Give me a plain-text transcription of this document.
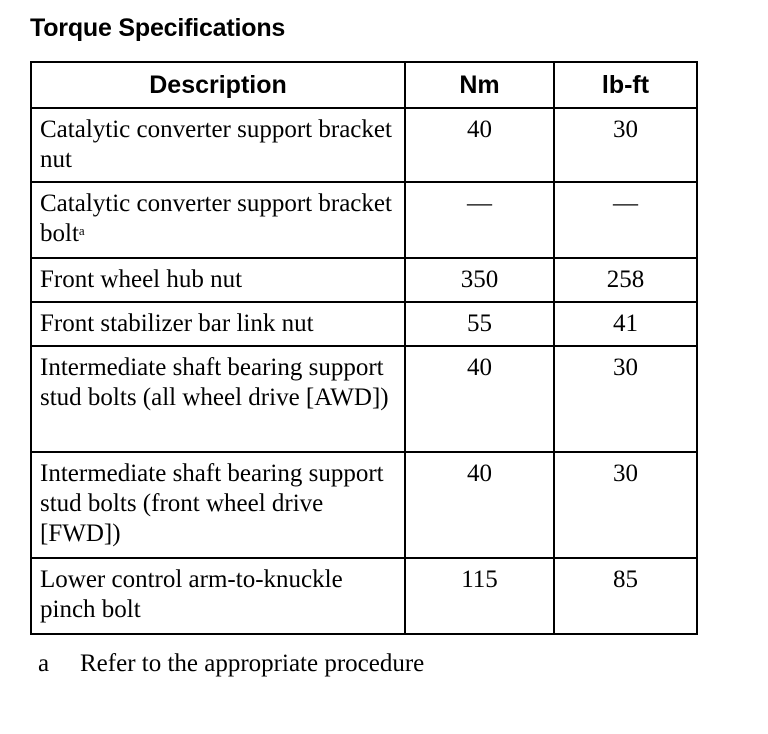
Torque Specifications
Description	Nm	lb-ft
Catalytic converter support bracket nut	40	30
Catalytic converter support bracket bolt$^a$	—	—
Front wheel hub nut	350	258
Front stabilizer bar link nut	55	41
Intermediate shaft bearing support stud bolts (all wheel drive [AWD])	40	30
Intermediate shaft bearing support stud bolts (front wheel drive [FWD])	40	30
Lower control arm-to-knuckle pinch bolt	115	85
a Refer to the appropriate procedure
